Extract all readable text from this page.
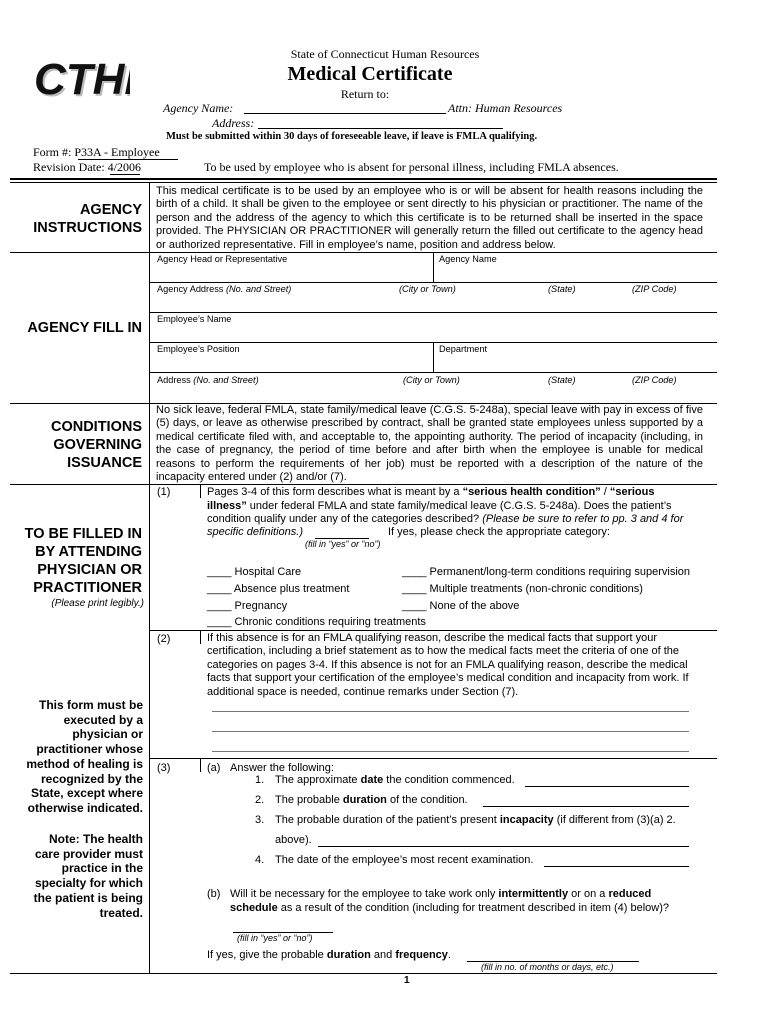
CTH
CTH
State of Connecticut Human Resources
Medical Certificate
Return to:
Agency Name:	Attn: Human Resources
Address:
Must be submitted within 30 days of foreseeable leave, if leave is FMLA qualifying.
Form #: P33A - Employee
Revision Date: 4/2006	To be used by employee who is absent for personal illness, including FMLA absences.
AGENCY
INSTRUCTIONS
This medical certificate is to be used by an employee who is or will be absent for health reasons including the birth of a child. It shall be given to the employee or sent directly to his physician or practitioner. The name of the person and the address of the agency to which this certificate is to be returned shall be inserted in the space provided. The PHYSICIAN OR PRACTITIONER will generally return the filled out certificate to the agency head or authorized representative. Fill in employee’s name, position and address below.
Agency Head or Representative	Agency Name
Agency Address (No. and Street)	(City or Town)	(State)	(ZIP Code)
AGENCY FILL IN
Employee’s Name
Employee’s Position	Department
Address (No. and Street)	(City or Town)	(State)	(ZIP Code)
CONDITIONS
GOVERNING
ISSUANCE
No sick leave, federal FMLA, state family/medical leave (C.G.S. 5-248a), special leave with pay in excess of five (5) days, or leave as otherwise prescribed by contract, shall be granted state employees unless supported by a medical certificate filed with, and acceptable to, the appointing authority. The period of incapacity (including, in the case of pregnancy, the period of time before and after birth when the employee is unable for medical reasons to perform the requirements of her job) must be reported with a description of the nature of the incapacity entered under (2) and/or (7).
TO BE FILLED IN
BY ATTENDING
PHYSICIAN OR
PRACTITIONER
(Please print legibly.)
This form must be
executed by a
physician or
practitioner whose
method of healing is
recognized by the
State, except where
otherwise indicated.
Note: The health
care provider must
practice in the
specialty for which
the patient is being
treated.
(1)	Pages 3-4 of this form describes what is meant by a “serious health condition” / “serious
illness” under federal FMLA and state family/medical leave (C.G.S. 5-248a). Does the patient’s
condition qualify under any of the categories described? (Please be sure to refer to pp. 3 and 4 for
specific definitions.)	If yes, please check the appropriate category:
(fill in “yes” or “no”)
____ Hospital Care	____ Permanent/long-term conditions requiring supervision
____ Absence plus treatment	____ Multiple treatments (non-chronic conditions)
____ Pregnancy	____ None of the above
____ Chronic conditions requiring treatments
(2)	If this absence is for an FMLA qualifying reason, describe the medical facts that support your
certification, including a brief statement as to how the medical facts meet the criteria of one of the
categories on pages 3-4. If this absence is not for an FMLA qualifying reason, describe the medical
facts that support your certification of the employee’s medical condition and incapacity from work. If
additional space is needed, continue remarks under Section (7).
(3)	(a) Answer the following:
1. The approximate date the condition commenced.
2. The probable duration of the condition.
3. The probable duration of the patient’s present incapacity (if different from (3)(a) 2.
above).
4. The date of the employee’s most recent examination.
(b) Will it be necessary for the employee to take work only intermittently or on a reduced
schedule as a result of the condition (including for treatment described in item (4) below)?
(fill in “yes” or “no”)
If yes, give the probable duration and frequency.
(fill in no. of months or days, etc.)
1
